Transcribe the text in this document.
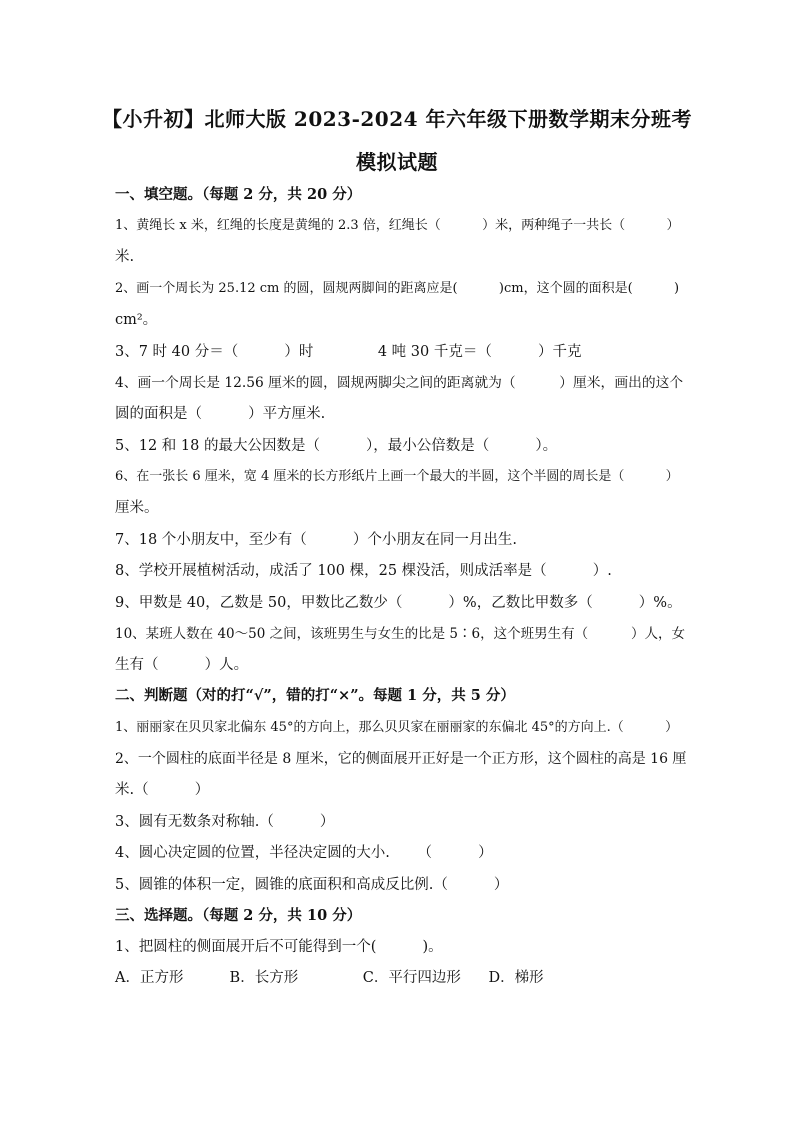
【小升初】北师大版 2023-2024 年六年级下册数学期末分班考
模拟试题
一、填空题。（每题 2 分，共 20 分）
1、黄绳长 x 米，红绳的长度是黄绳的 2.3 倍，红绳长（          ）米，两种绳子一共长（          ）
米.
2、画一个周长为 25.12 cm 的圆，圆规两脚间的距离应是(          )cm，这个圆的面积是(          )
cm²。
3、7 时 40 分＝（          ）时              4 吨 30 千克＝（          ）千克
4、画一个周长是 12.56 厘米的圆，圆规两脚尖之间的距离就为（          ）厘米，画出的这个
圆的面积是（          ）平方厘米.
5、12 和 18 的最大公因数是（          ），最小公倍数是（          ）。
6、在一张长 6 厘米，宽 4 厘米的长方形纸片上画一个最大的半圆，这个半圆的周长是（          ）
厘米。
7、18 个小朋友中，至少有（          ）个小朋友在同一月出生.
8、学校开展植树活动，成活了 100 棵，25 棵没活，则成活率是（          ）.
9、甲数是 40，乙数是 50，甲数比乙数少（          ）%，乙数比甲数多（          ）%。
10、某班人数在 40～50 之间，该班男生与女生的比是 5∶6，这个班男生有（          ）人，女
生有（          ）人。
二、判断题（对的打“√”，错的打“×”。每题 1 分，共 5 分）
1、丽丽家在贝贝家北偏东 45°的方向上，那么贝贝家在丽丽家的东偏北 45°的方向上.（          ）
2、一个圆柱的底面半径是 8 厘米，它的侧面展开正好是一个正方形，这个圆柱的高是 16 厘
米.（          ）
3、圆有无数条对称轴.（          ）
4、圆心决定圆的位置，半径决定圆的大小.      （          ）
5、圆锥的体积一定，圆锥的底面积和高成反比例.（          ）
三、选择题。（每题 2 分，共 10 分）
1、把圆柱的侧面展开后不可能得到一个(          )。
A．正方形          B．长方形              C．平行四边形      D．梯形
